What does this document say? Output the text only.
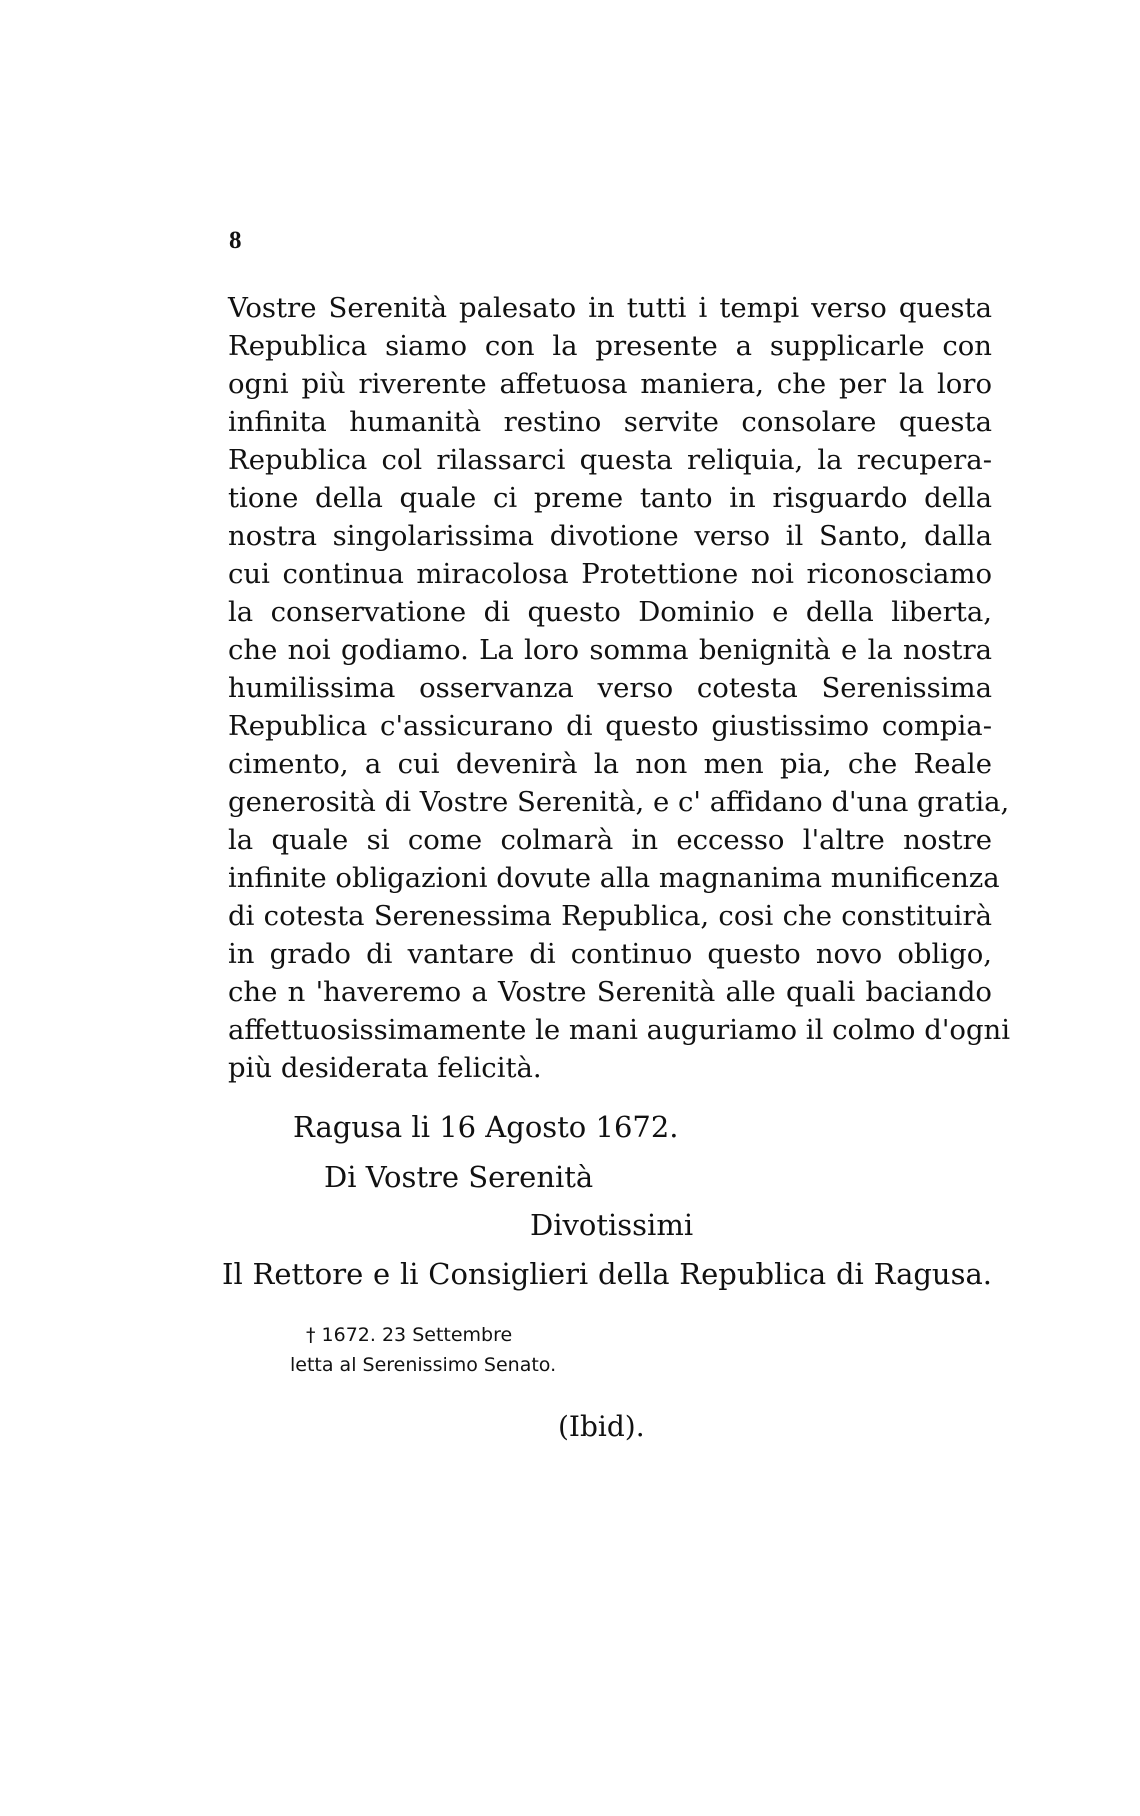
8
Vostre Serenità palesato in tutti i tempi verso questa
Republica siamo con la presente a supplicarle con
ogni più riverente affetuosa maniera, che per la loro
infinita humanità restino servite consolare questa
Republica col rilassarci questa reliquia, la recupera-
tione della quale ci preme tanto in risguardo della
nostra singolarissima divotione verso il Santo, dalla
cui continua miracolosa Protettione noi riconosciamo
la conservatione di questo Dominio e della liberta,
che noi godiamo. La loro somma benignità e la nostra
humilissima osservanza verso cotesta Serenissima
Republica c'assicurano di questo giustissimo compia-
cimento, a cui devenirà la non men pia, che Reale
generosità di Vostre Serenità, e c' affidano d'una gratia,
la quale si come colmarà in eccesso l'altre nostre
infinite obligazioni dovute alla magnanima munificenza
di cotesta Serenessima Republica, cosi che constituirà
in grado di vantare di continuo questo novo obligo,
che n 'haveremo a Vostre Serenità alle quali baciando
affettuosissimamente le mani auguriamo il colmo d'ogni
più desiderata felicità.
Ragusa li 16 Agosto 1672.
Di Vostre Serenità
Divotissimi
Il Rettore e li Consiglieri della Republica di Ragusa.
† 1672. 23 Settembre
letta al Serenissimo Senato.
(Ibid).
